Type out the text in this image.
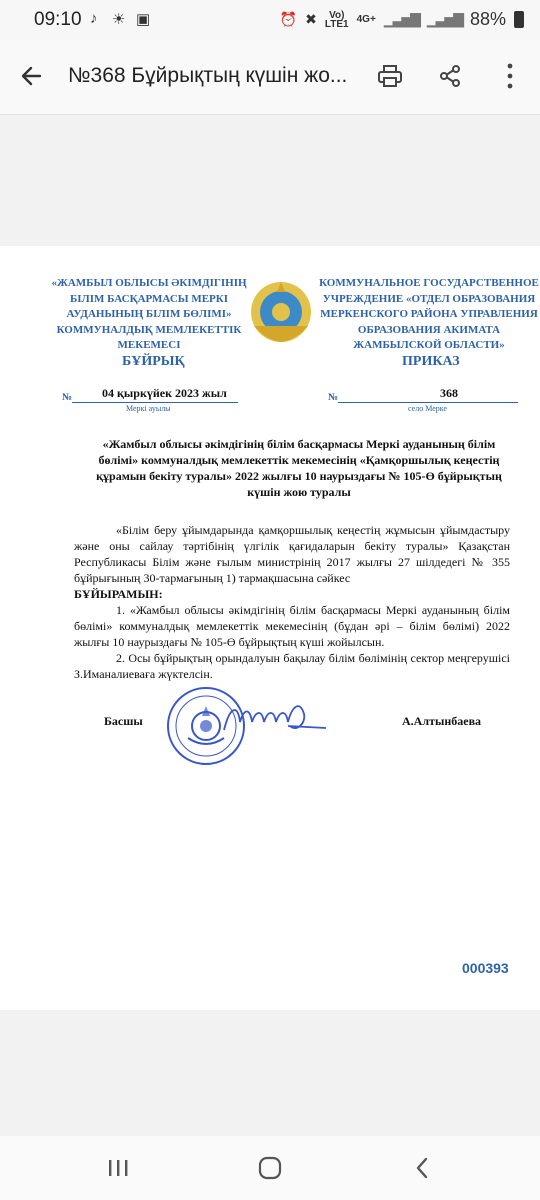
09:10 ♪ ☀ ▣	⏰ ✖	Vo)
LTE1 4G+ ▁▃▅▇ ▁▃▅▇ 88%
№368 Бұйрықтың күшін жо...
«ЖАМБЫЛ ОБЛЫСЫ ӘКІМДІГІНІҢ БІЛІМ БАСҚАРМАСЫ МЕРКІ АУДАНЫНЫҢ БІЛІМ БӨЛІМІ» КОММУНАЛДЫҚ МЕМЛЕКЕТТІК МЕКЕМЕСІ
КОММУНАЛЬНОЕ ГОСУДАРСТВЕННОЕ УЧРЕЖДЕНИЕ «ОТДЕЛ ОБРАЗОВАНИЯ МЕРКЕНСКОГО РАЙОНА УПРАВЛЕНИЯ ОБРАЗОВАНИЯ АКИМАТА ЖАМБЫЛСКОЙ ОБЛАСТИ»
БҰЙРЫҚ	ПРИКАЗ
№ 04 қыркүйек 2023 жыл
Меркі ауылы
№	368
село Мерке
«Жамбыл облысы әкімдігінің білім басқармасы Меркі ауданының білім бөлімі» коммуналдық мемлекеттік мекемесінің «Қамқоршылық кеңестің құрамын бекіту туралы» 2022 жылғы 10 наурыздағы № 105-Ө бұйрықтың күшін жою туралы

«Білім беру ұйымдарында қамқоршылық кеңестің жұмысын ұйымдастыру және оны сайлау тәртібінің үлгілік қағидаларын бекіту туралы» Қазақстан Республикасы Білім және ғылым министрінің 2017 жылғы 27 шілдедегі № 355 бұйрығының 30-тармағының 1) тармақшасына сәйкес

БҰЙЫРАМЫН:

1. «Жамбыл облысы әкімдігінің білім басқармасы Меркі ауданының білім бөлімі» коммуналдық мемлекеттік мекемесінің (бұдан әрі – білім бөлімі) 2022 жылғы 10 наурыздағы № 105-Ө бұйрықтың күші жойылсын.

2. Осы бұйрықтың орындалуын бақылау білім бөлімінің сектор меңгерушісі З.Иманалиеваға жүктелсін.

Басшы	А.Алтынбаева
000393
